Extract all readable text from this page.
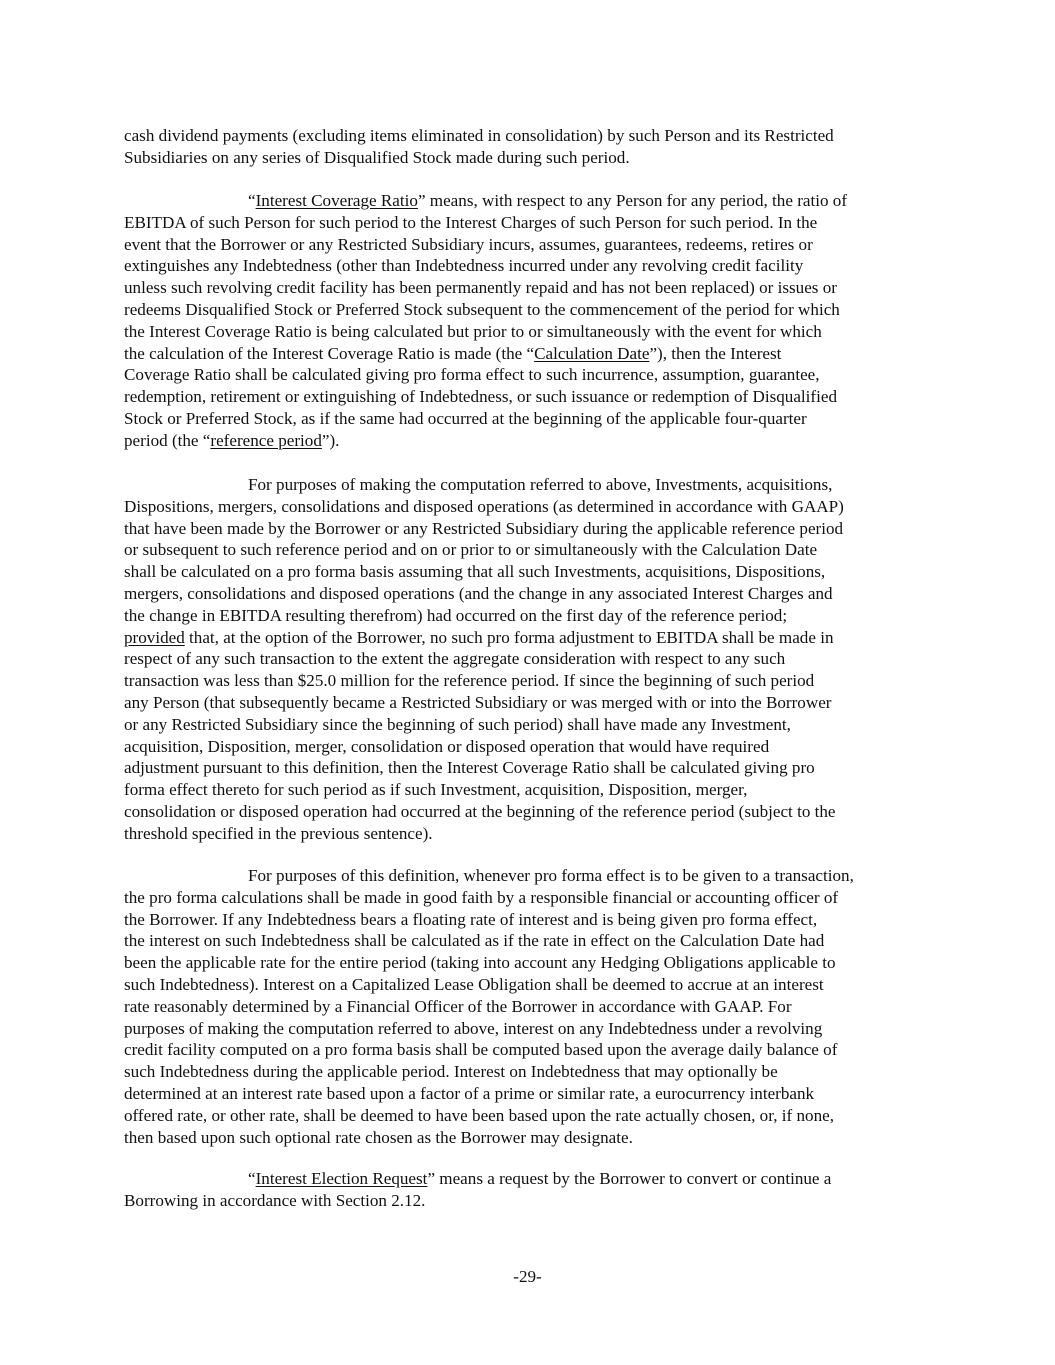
-29-
cash dividend payments (excluding items eliminated in consolidation) by such Person and its Restricted
Subsidiaries on any series of Disqualified Stock made during such period.
“Interest Coverage Ratio” means, with respect to any Person for any period, the ratio of
EBITDA of such Person for such period to the Interest Charges of such Person for such period. In the
event that the Borrower or any Restricted Subsidiary incurs, assumes, guarantees, redeems, retires or
extinguishes any Indebtedness (other than Indebtedness incurred under any revolving credit facility
unless such revolving credit facility has been permanently repaid and has not been replaced) or issues or
redeems Disqualified Stock or Preferred Stock subsequent to the commencement of the period for which
the Interest Coverage Ratio is being calculated but prior to or simultaneously with the event for which
the calculation of the Interest Coverage Ratio is made (the “Calculation Date”), then the Interest
Coverage Ratio shall be calculated giving pro forma effect to such incurrence, assumption, guarantee,
redemption, retirement or extinguishing of Indebtedness, or such issuance or redemption of Disqualified
Stock or Preferred Stock, as if the same had occurred at the beginning of the applicable four-quarter
period (the “reference period”).
For purposes of making the computation referred to above, Investments, acquisitions,
Dispositions, mergers, consolidations and disposed operations (as determined in accordance with GAAP)
that have been made by the Borrower or any Restricted Subsidiary during the applicable reference period
or subsequent to such reference period and on or prior to or simultaneously with the Calculation Date
shall be calculated on a pro forma basis assuming that all such Investments, acquisitions, Dispositions,
mergers, consolidations and disposed operations (and the change in any associated Interest Charges and
the change in EBITDA resulting therefrom) had occurred on the first day of the reference period;
provided that, at the option of the Borrower, no such pro forma adjustment to EBITDA shall be made in
respect of any such transaction to the extent the aggregate consideration with respect to any such
transaction was less than $25.0 million for the reference period. If since the beginning of such period
any Person (that subsequently became a Restricted Subsidiary or was merged with or into the Borrower
or any Restricted Subsidiary since the beginning of such period) shall have made any Investment,
acquisition, Disposition, merger, consolidation or disposed operation that would have required
adjustment pursuant to this definition, then the Interest Coverage Ratio shall be calculated giving pro
forma effect thereto for such period as if such Investment, acquisition, Disposition, merger,
consolidation or disposed operation had occurred at the beginning of the reference period (subject to the
threshold specified in the previous sentence).
For purposes of this definition, whenever pro forma effect is to be given to a transaction,
the pro forma calculations shall be made in good faith by a responsible financial or accounting officer of
the Borrower. If any Indebtedness bears a floating rate of interest and is being given pro forma effect,
the interest on such Indebtedness shall be calculated as if the rate in effect on the Calculation Date had
been the applicable rate for the entire period (taking into account any Hedging Obligations applicable to
such Indebtedness). Interest on a Capitalized Lease Obligation shall be deemed to accrue at an interest
rate reasonably determined by a Financial Officer of the Borrower in accordance with GAAP. For
purposes of making the computation referred to above, interest on any Indebtedness under a revolving
credit facility computed on a pro forma basis shall be computed based upon the average daily balance of
such Indebtedness during the applicable period. Interest on Indebtedness that may optionally be
determined at an interest rate based upon a factor of a prime or similar rate, a eurocurrency interbank
offered rate, or other rate, shall be deemed to have been based upon the rate actually chosen, or, if none,
then based upon such optional rate chosen as the Borrower may designate.
“Interest Election Request” means a request by the Borrower to convert or continue a
Borrowing in accordance with Section 2.12.
